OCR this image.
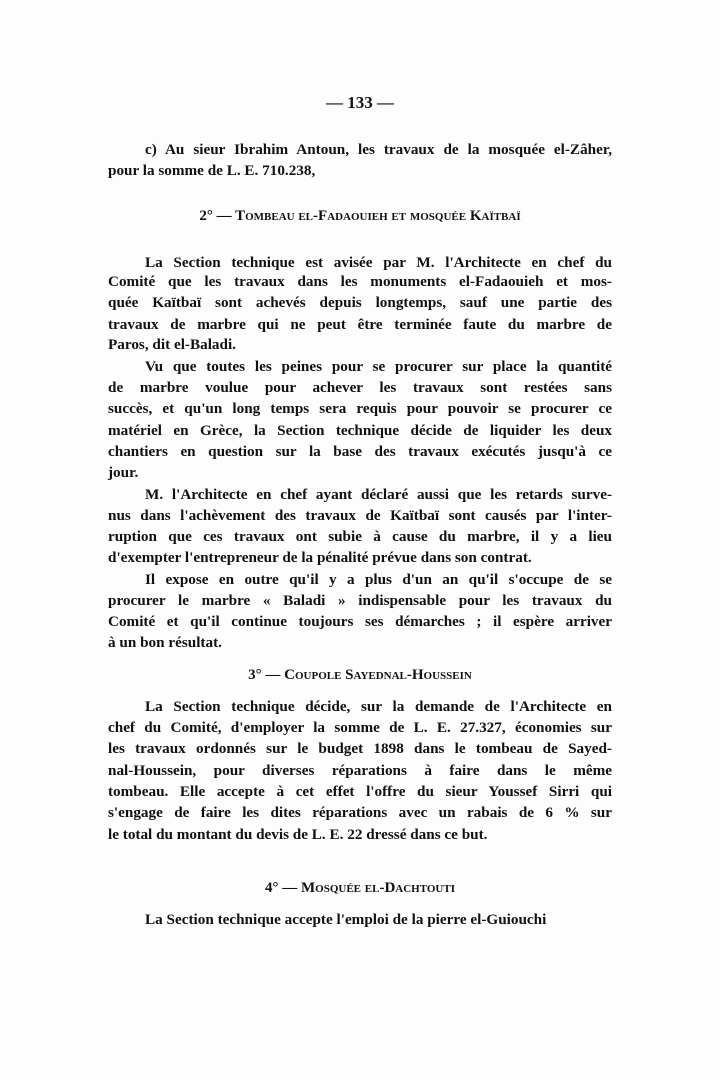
— 133 —
c) Au sieur Ibrahim Antoun, les travaux de la mosquée el-Zâher,
pour la somme de L. E. 710.238,
2° — Tombeau el-Fadaouieh et mosquée Kaïtbaï
La Section technique est avisée par M. l'Architecte en chef du
Comité que les travaux dans les monuments el-Fadaouieh et mos-
quée Kaïtbaï sont achevés depuis longtemps, sauf une partie des
travaux de marbre qui ne peut être terminée faute du marbre de
Paros, dit el-Baladi.
Vu que toutes les peines pour se procurer sur place la quantité
de marbre voulue pour achever les travaux sont restées sans
succès, et qu'un long temps sera requis pour pouvoir se procurer ce
matériel en Grèce, la Section technique décide de liquider les deux
chantiers en question sur la base des travaux exécutés jusqu'à ce
jour.
M. l'Architecte en chef ayant déclaré aussi que les retards surve-
nus dans l'achèvement des travaux de Kaïtbaï sont causés par l'inter-
ruption que ces travaux ont subie à cause du marbre, il y a lieu
d'exempter l'entrepreneur de la pénalité prévue dans son contrat.
Il expose en outre qu'il y a plus d'un an qu'il s'occupe de se
procurer le marbre « Baladi » indispensable pour les travaux du
Comité et qu'il continue toujours ses démarches ; il espère arriver
à un bon résultat.
3° — Coupole Sayednal-Houssein
La Section technique décide, sur la demande de l'Architecte en
chef du Comité, d'employer la somme de L. E. 27.327, économies sur
les travaux ordonnés sur le budget 1898 dans le tombeau de Sayed-
nal-Houssein, pour diverses réparations à faire dans le même
tombeau. Elle accepte à cet effet l'offre du sieur Youssef Sirri qui
s'engage de faire les dites réparations avec un rabais de 6 % sur
le total du montant du devis de L. E. 22 dressé dans ce but.
4° — Mosquée el-Dachtouti
La Section technique accepte l'emploi de la pierre el-Guiouchi
